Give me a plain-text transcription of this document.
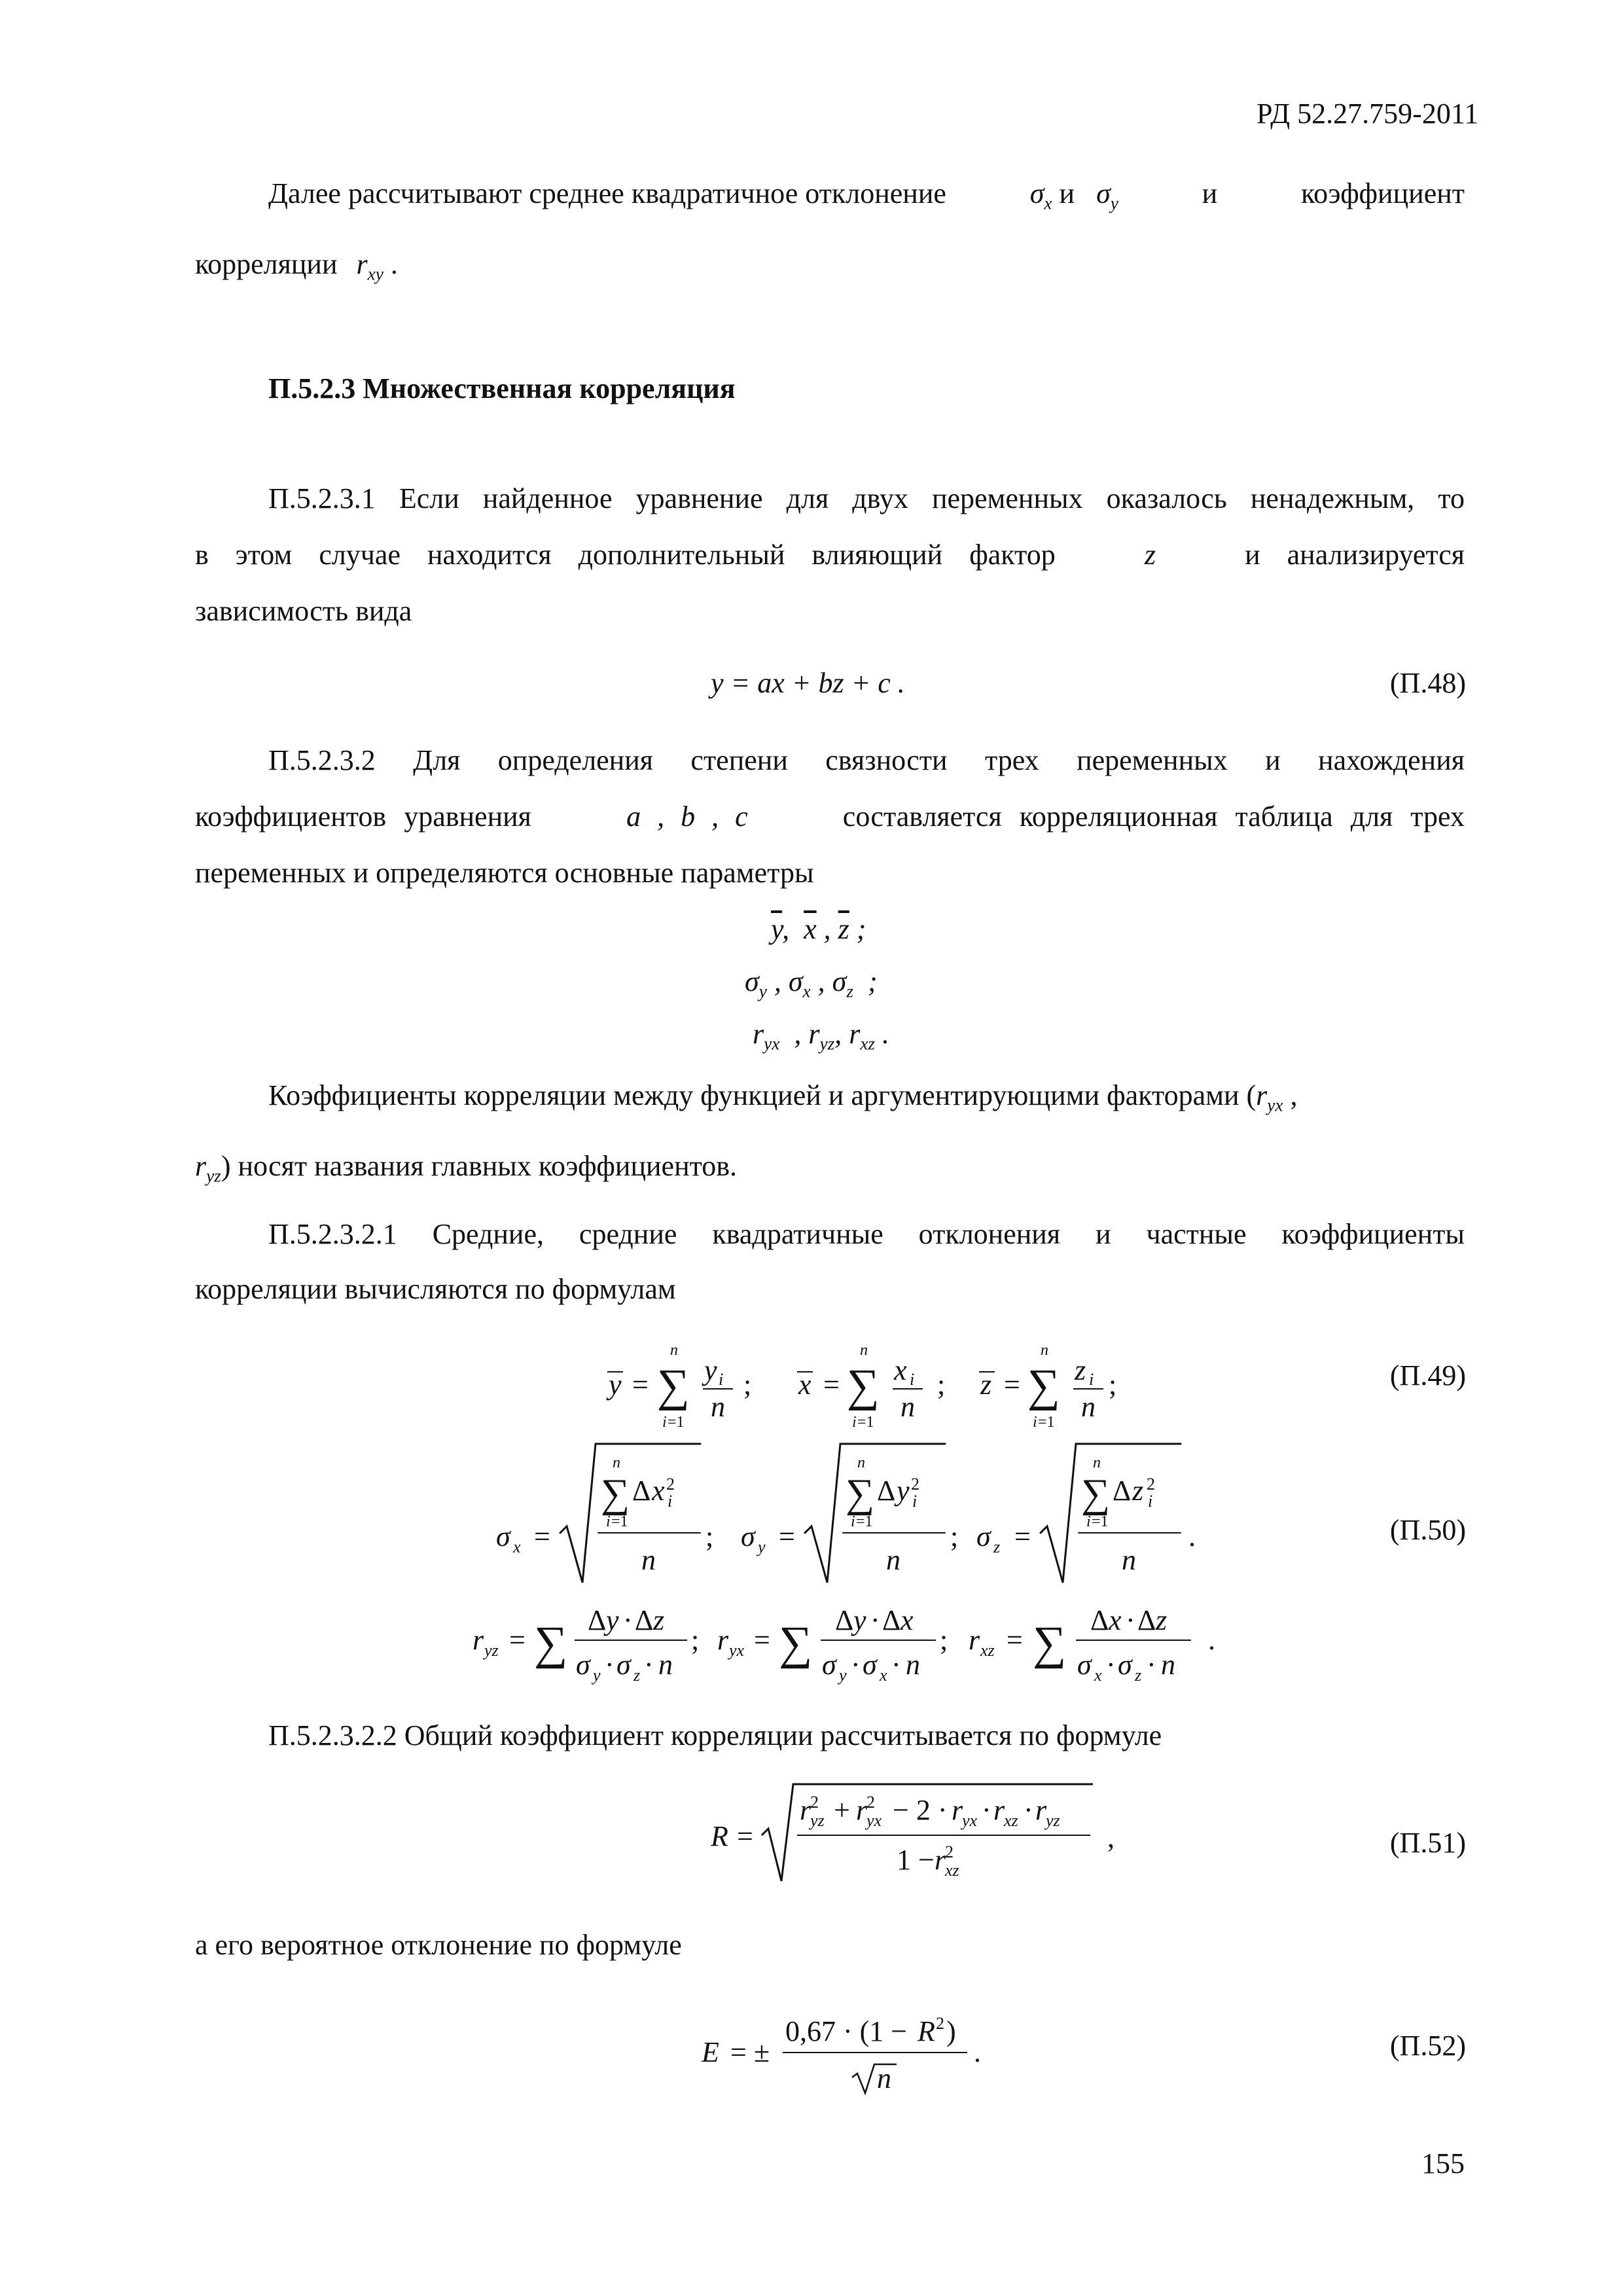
РД 52.27.759-2011
Далее рассчитывают среднее квадратичное отклонение	$\sigma_x$ и $\sigma_y$	и	коэффициент
корреляции $r_{xy}$ .
П.5.2.3 Множественная корреляция
П.5.2.3.1 Если найденное уравнение для двух переменных оказалось ненадежным, то
в этом случае находится дополнительный влияющий фактор	z	и анализируется
зависимость вида
y = ax + bz + c .	(П.48)
П.5.2.3.2 Для определения степени связности трех переменных и нахождения
коэффициентов уравнения	a , b , c	составляется корреляционная таблица для трех
переменных и определяются основные параметры
$\overline{y}$,  $\overline{x}$ , $\overline{z}$ ;
$\sigma_y$ , $\sigma_x$ , $\sigma_z$  ;
$r_{yx}$  , $r_{yz}$, $r_{xz}$ .
Коэффициенты корреляции между функцией и аргументирующими факторами ($r_{yx}$ ,
$r_{yz}$) носят названия главных коэффициентов.
П.5.2.3.2.1 Средние, средние квадратичные отклонения и частные коэффициенты
корреляции вычисляются по формулам
y = ∑
n
i =1
y i
n
; x = ∑
n
i =1
x i
n
; z = ∑
n
i =1
z i
n
;	(П.49)
σ x =
∑
n
i =1
Δ x 2
i
n
; σ y =
∑
n
i =1
Δ y 2
i
n
; σ z =
∑
n
i =1
Δ z 2
i
n
.	(П.50)
r yz = ∑ Δ y · Δ z
σ y · σ z · n
; r yx = ∑ Δ y · Δ x
σ y · σ x · n
; r xz = ∑ Δ x · Δ z
σ x · σ z · n
.
П.5.2.3.2.2 Общий коэффициент корреляции рассчитывается по формуле
R =
r
2
yz + r
2
yx − 2 · r
yx · r
xz · r
yz
1 − r
2
xz
,	(П.51)
а его вероятное отклонение по формуле
E = ±
0,67 · (1 − R 2 )
n
.	(П.52)
155
